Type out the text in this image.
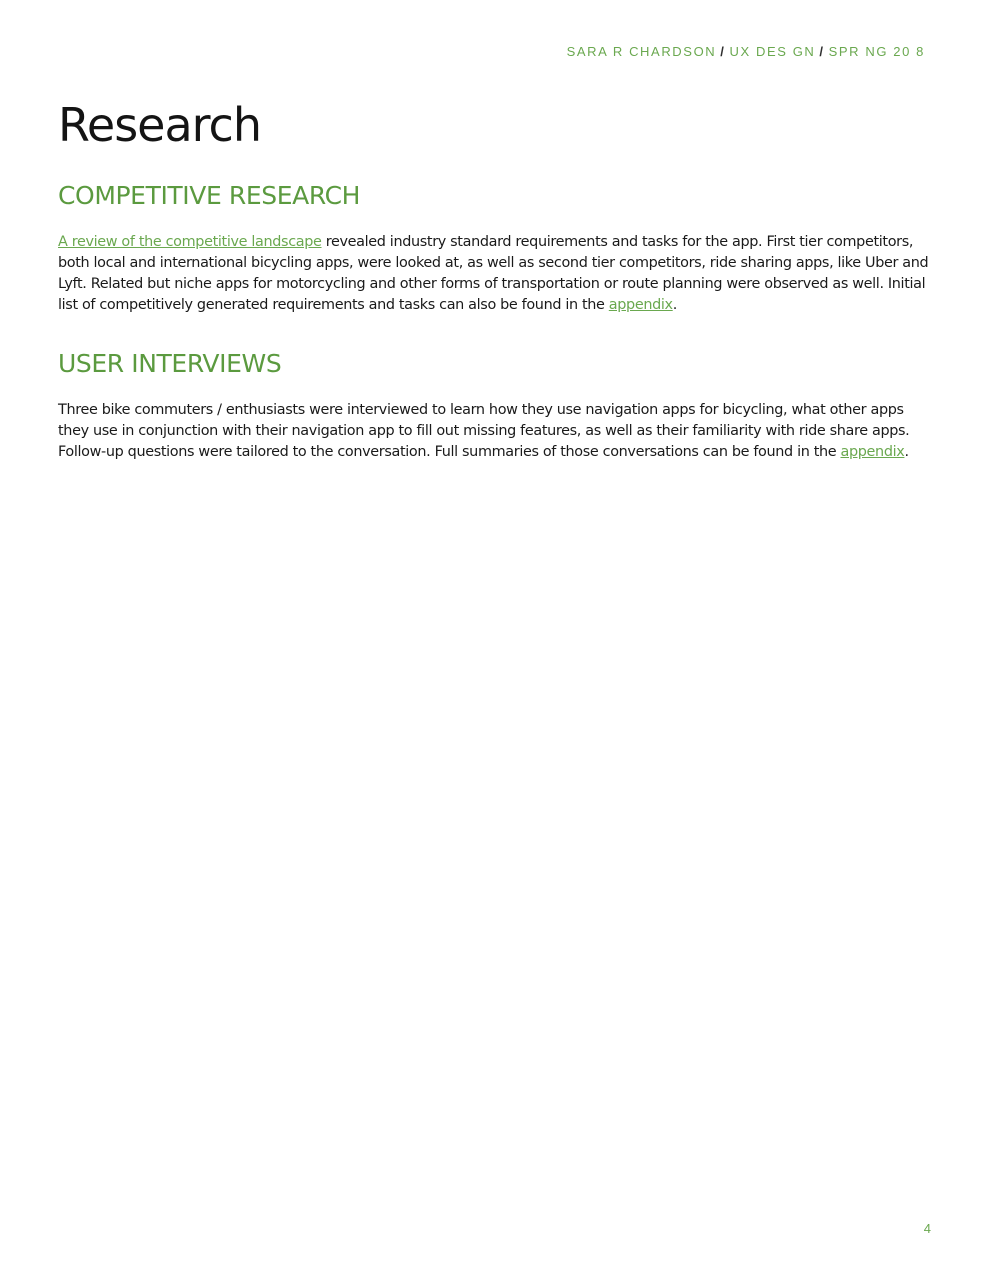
SARA R CHARDSON / UX DES GN / SPR NG 20 8
Research
COMPETITIVE RESEARCH

A review of the competitive landscape revealed industry standard requirements and tasks for the app. First tier competitors, both local and international bicycling apps, were looked at, as well as second tier competitors, ride sharing apps, like Uber and Lyft. Related but niche apps for motorcycling and other forms of transportation or route planning were observed as well. Initial list of competitively generated requirements and tasks can also be found in the appendix.

USER INTERVIEWS

Three bike commuters / enthusiasts were interviewed to learn how they use navigation apps for bicycling, what other apps they use in conjunction with their navigation app to fill out missing features, as well as their familiarity with ride share apps. Follow-up questions were tailored to the conversation. Full summaries of those conversations can be found in the appendix.

4
